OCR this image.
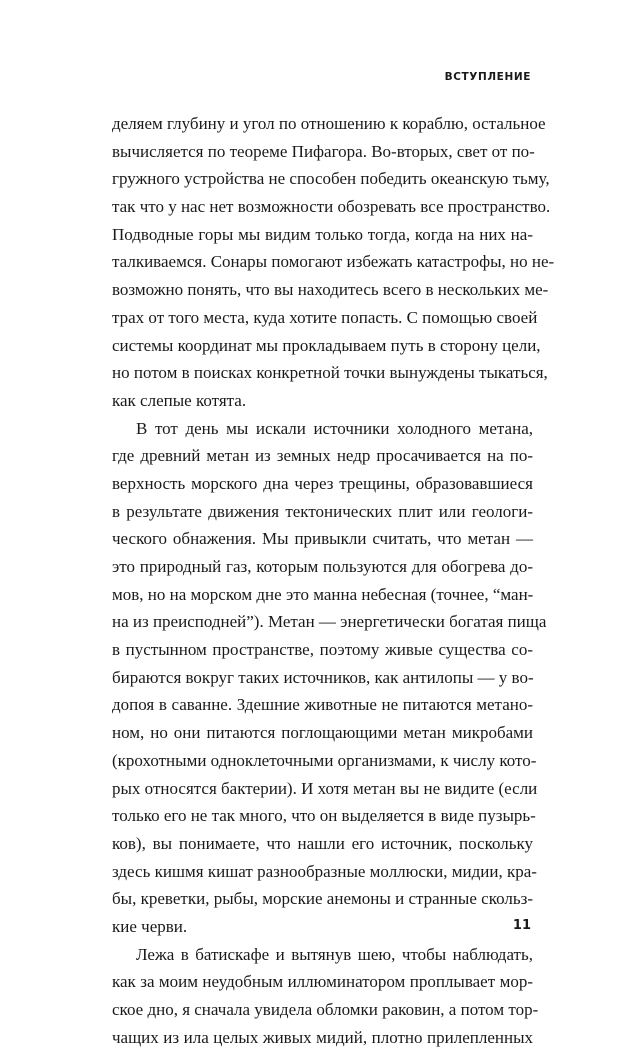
ВСТУПЛЕНИЕ
деляем глубину и угол по отношению к кораблю, остальное
вычисляется по теореме Пифагора. Во-вторых, свет от по-
гружного устройства не способен победить океанскую тьму,
так что у нас нет возможности обозревать все пространство.
Подводные горы мы видим только тогда, когда на них на-
талкиваемся. Сонары помогают избежать катастрофы, но не-
возможно понять, что вы находитесь всего в нескольких ме-
трах от того места, куда хотите попасть. С помощью своей
системы координат мы прокладываем путь в сторону цели,
но потом в поисках конкретной точки вынуждены тыкаться,
как слепые котята.
В тот день мы искали источники холодного метана,
где древний метан из земных недр просачивается на по-
верхность морского дна через трещины, образовавшиеся
в результате движения тектонических плит или геологи-
ческого обнажения. Мы привыкли считать, что метан —
это природный газ, которым пользуются для обогрева до-
мов, но на морском дне это манна небесная (точнее, “ман-
на из преисподней”). Метан — энергетически богатая пища
в пустынном пространстве, поэтому живые существа со-
бираются вокруг таких источников, как антилопы — у во-
допоя в саванне. Здешние животные не питаются метано-
ном, но они питаются поглощающими метан микробами
(крохотными одноклеточными организмами, к числу кото-
рых относятся бактерии). И хотя метан вы не видите (если
только его не так много, что он выделяется в виде пузырь-
ков), вы понимаете, что нашли его источник, поскольку
здесь кишмя кишат разнообразные моллюски, мидии, кра-
бы, креветки, рыбы, морские анемоны и странные скольз-
кие черви.
Лежа в батискафе и вытянув шею, чтобы наблюдать,
как за моим неудобным иллюминатором проплывает мор-
ское дно, я сначала увидела обломки раковин, а потом тор-
чащих из ила целых живых мидий, плотно прилепленных
11
